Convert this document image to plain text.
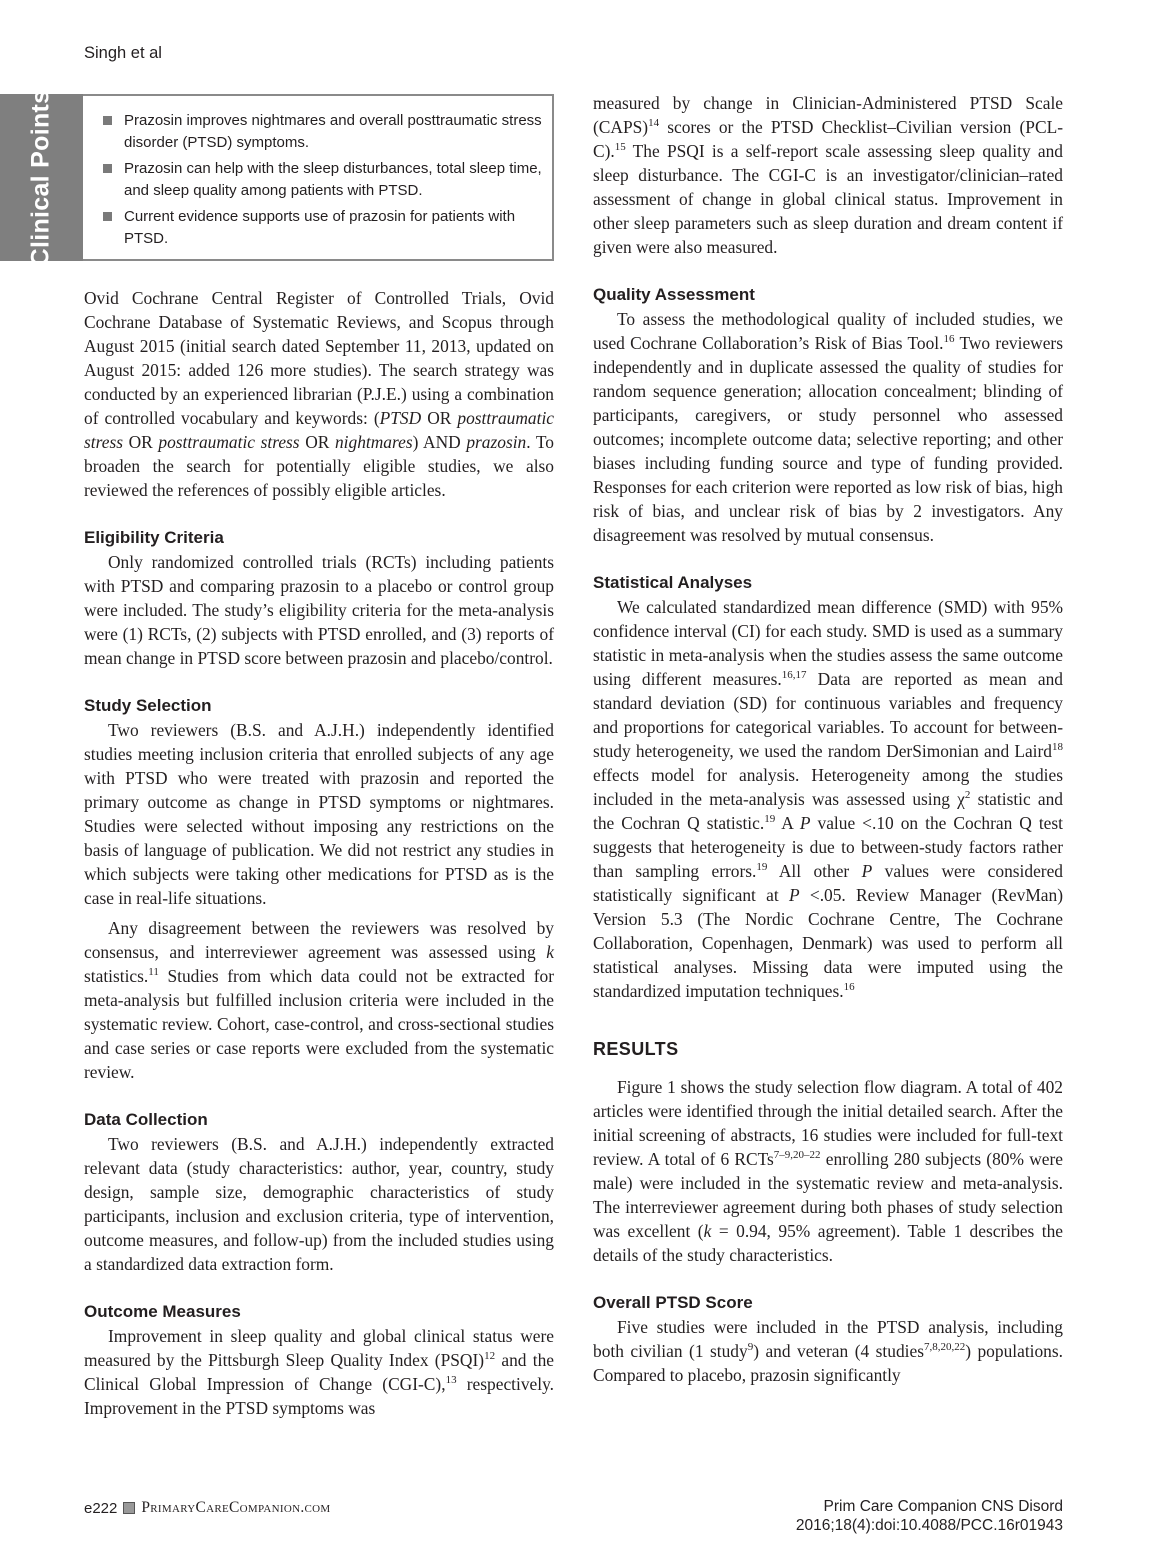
Singh et al
Clinical Points	Prazosin improves nightmares and overall posttraumatic stress disorder (PTSD) symptoms.
Prazosin can help with the sleep disturbances, total sleep time, and sleep quality among patients with PTSD.
Current evidence supports use of prazosin for patients with PTSD.

Ovid Cochrane Central Register of Controlled Trials, Ovid Cochrane Database of Systematic Reviews, and Scopus through August 2015 (initial search dated September 11, 2013, updated on August 2015: added 126 more studies). The search strategy was conducted by an experienced librarian (P.J.E.) using a combination of controlled vocabulary and keywords: (PTSD OR posttraumatic stress OR posttraumatic stress OR nightmares) AND prazosin. To broaden the search for potentially eligible studies, we also reviewed the references of possibly eligible articles.

Eligibility Criteria

Only randomized controlled trials (RCTs) including patients with PTSD and comparing prazosin to a placebo or control group were included. The study’s eligibility criteria for the meta-analysis were (1) RCTs, (2) subjects with PTSD enrolled, and (3) reports of mean change in PTSD score between prazosin and placebo/control.

Study Selection

Two reviewers (B.S. and A.J.H.) independently identified studies meeting inclusion criteria that enrolled subjects of any age with PTSD who were treated with prazosin and reported the primary outcome as change in PTSD symptoms or nightmares. Studies were selected without imposing any restrictions on the basis of language of publication. We did not restrict any studies in which subjects were taking other medications for PTSD as is the case in real-life situations.

Any disagreement between the reviewers was resolved by consensus, and interreviewer agreement was assessed using k statistics.$^{11}$ Studies from which data could not be extracted for meta-analysis but fulfilled inclusion criteria were included in the systematic review. Cohort, case-control, and cross-sectional studies and case series or case reports were excluded from the systematic review.

Data Collection

Two reviewers (B.S. and A.J.H.) independently extracted relevant data (study characteristics: author, year, country, study design, sample size, demographic characteristics of study participants, inclusion and exclusion criteria, type of intervention, outcome measures, and follow-up) from the included studies using a standardized data extraction form.

Outcome Measures

Improvement in sleep quality and global clinical status were measured by the Pittsburgh Sleep Quality Index (PSQI)$^{12}$ and the Clinical Global Impression of Change (CGI-C),$^{13}$ respectively. Improvement in the PTSD symptoms was

measured by change in Clinician-Administered PTSD Scale (CAPS)$^{14}$ scores or the PTSD Checklist–Civilian version (PCL-C).$^{15}$ The PSQI is a self-report scale assessing sleep quality and sleep disturbance. The CGI-C is an investigator/clinician–rated assessment of change in global clinical status. Improvement in other sleep parameters such as sleep duration and dream content if given were also measured.

Quality Assessment

To assess the methodological quality of included studies, we used Cochrane Collaboration’s Risk of Bias Tool.$^{16}$ Two reviewers independently and in duplicate assessed the quality of studies for random sequence generation; allocation concealment; blinding of participants, caregivers, or study personnel who assessed outcomes; incomplete outcome data; selective reporting; and other biases including funding source and type of funding provided. Responses for each criterion were reported as low risk of bias, high risk of bias, and unclear risk of bias by 2 investigators. Any disagreement was resolved by mutual consensus.

Statistical Analyses

We calculated standardized mean difference (SMD) with 95% confidence interval (CI) for each study. SMD is used as a summary statistic in meta-analysis when the studies assess the same outcome using different measures.$^{16,17}$ Data are reported as mean and standard deviation (SD) for continuous variables and frequency and proportions for categorical variables. To account for between-study heterogeneity, we used the random DerSimonian and Laird$^{18}$ effects model for analysis. Heterogeneity among the studies included in the meta-analysis was assessed using $\chi^2$ statistic and the Cochran Q statistic.$^{19}$ A P value <.10 on the Cochran Q test suggests that heterogeneity is due to between-study factors rather than sampling errors.$^{19}$ All other P values were considered statistically significant at P <.05. Review Manager (RevMan) Version 5.3 (The Nordic Cochrane Centre, The Cochrane Collaboration, Copenhagen, Denmark) was used to perform all statistical analyses. Missing data were imputed using the standardized imputation techniques.$^{16}$

RESULTS

Figure 1 shows the study selection flow diagram. A total of 402 articles were identified through the initial detailed search. After the initial screening of abstracts, 16 studies were included for full-text review. A total of 6 RCTs$^{7-9,20-22}$ enrolling 280 subjects (80% were male) were included in the systematic review and meta-analysis. The interreviewer agreement during both phases of study selection was excellent (k = 0.94, 95% agreement). Table 1 describes the details of the study characteristics.

Overall PTSD Score

Five studies were included in the PTSD analysis, including both civilian (1 study$^9$) and veteran (4 studies$^{7,8,20,22}$) populations. Compared to placebo, prazosin significantly

e222 PrimaryCareCompanion.com	Prim Care Companion CNS Disord
2016;18(4):doi:10.4088/PCC.16r01943
